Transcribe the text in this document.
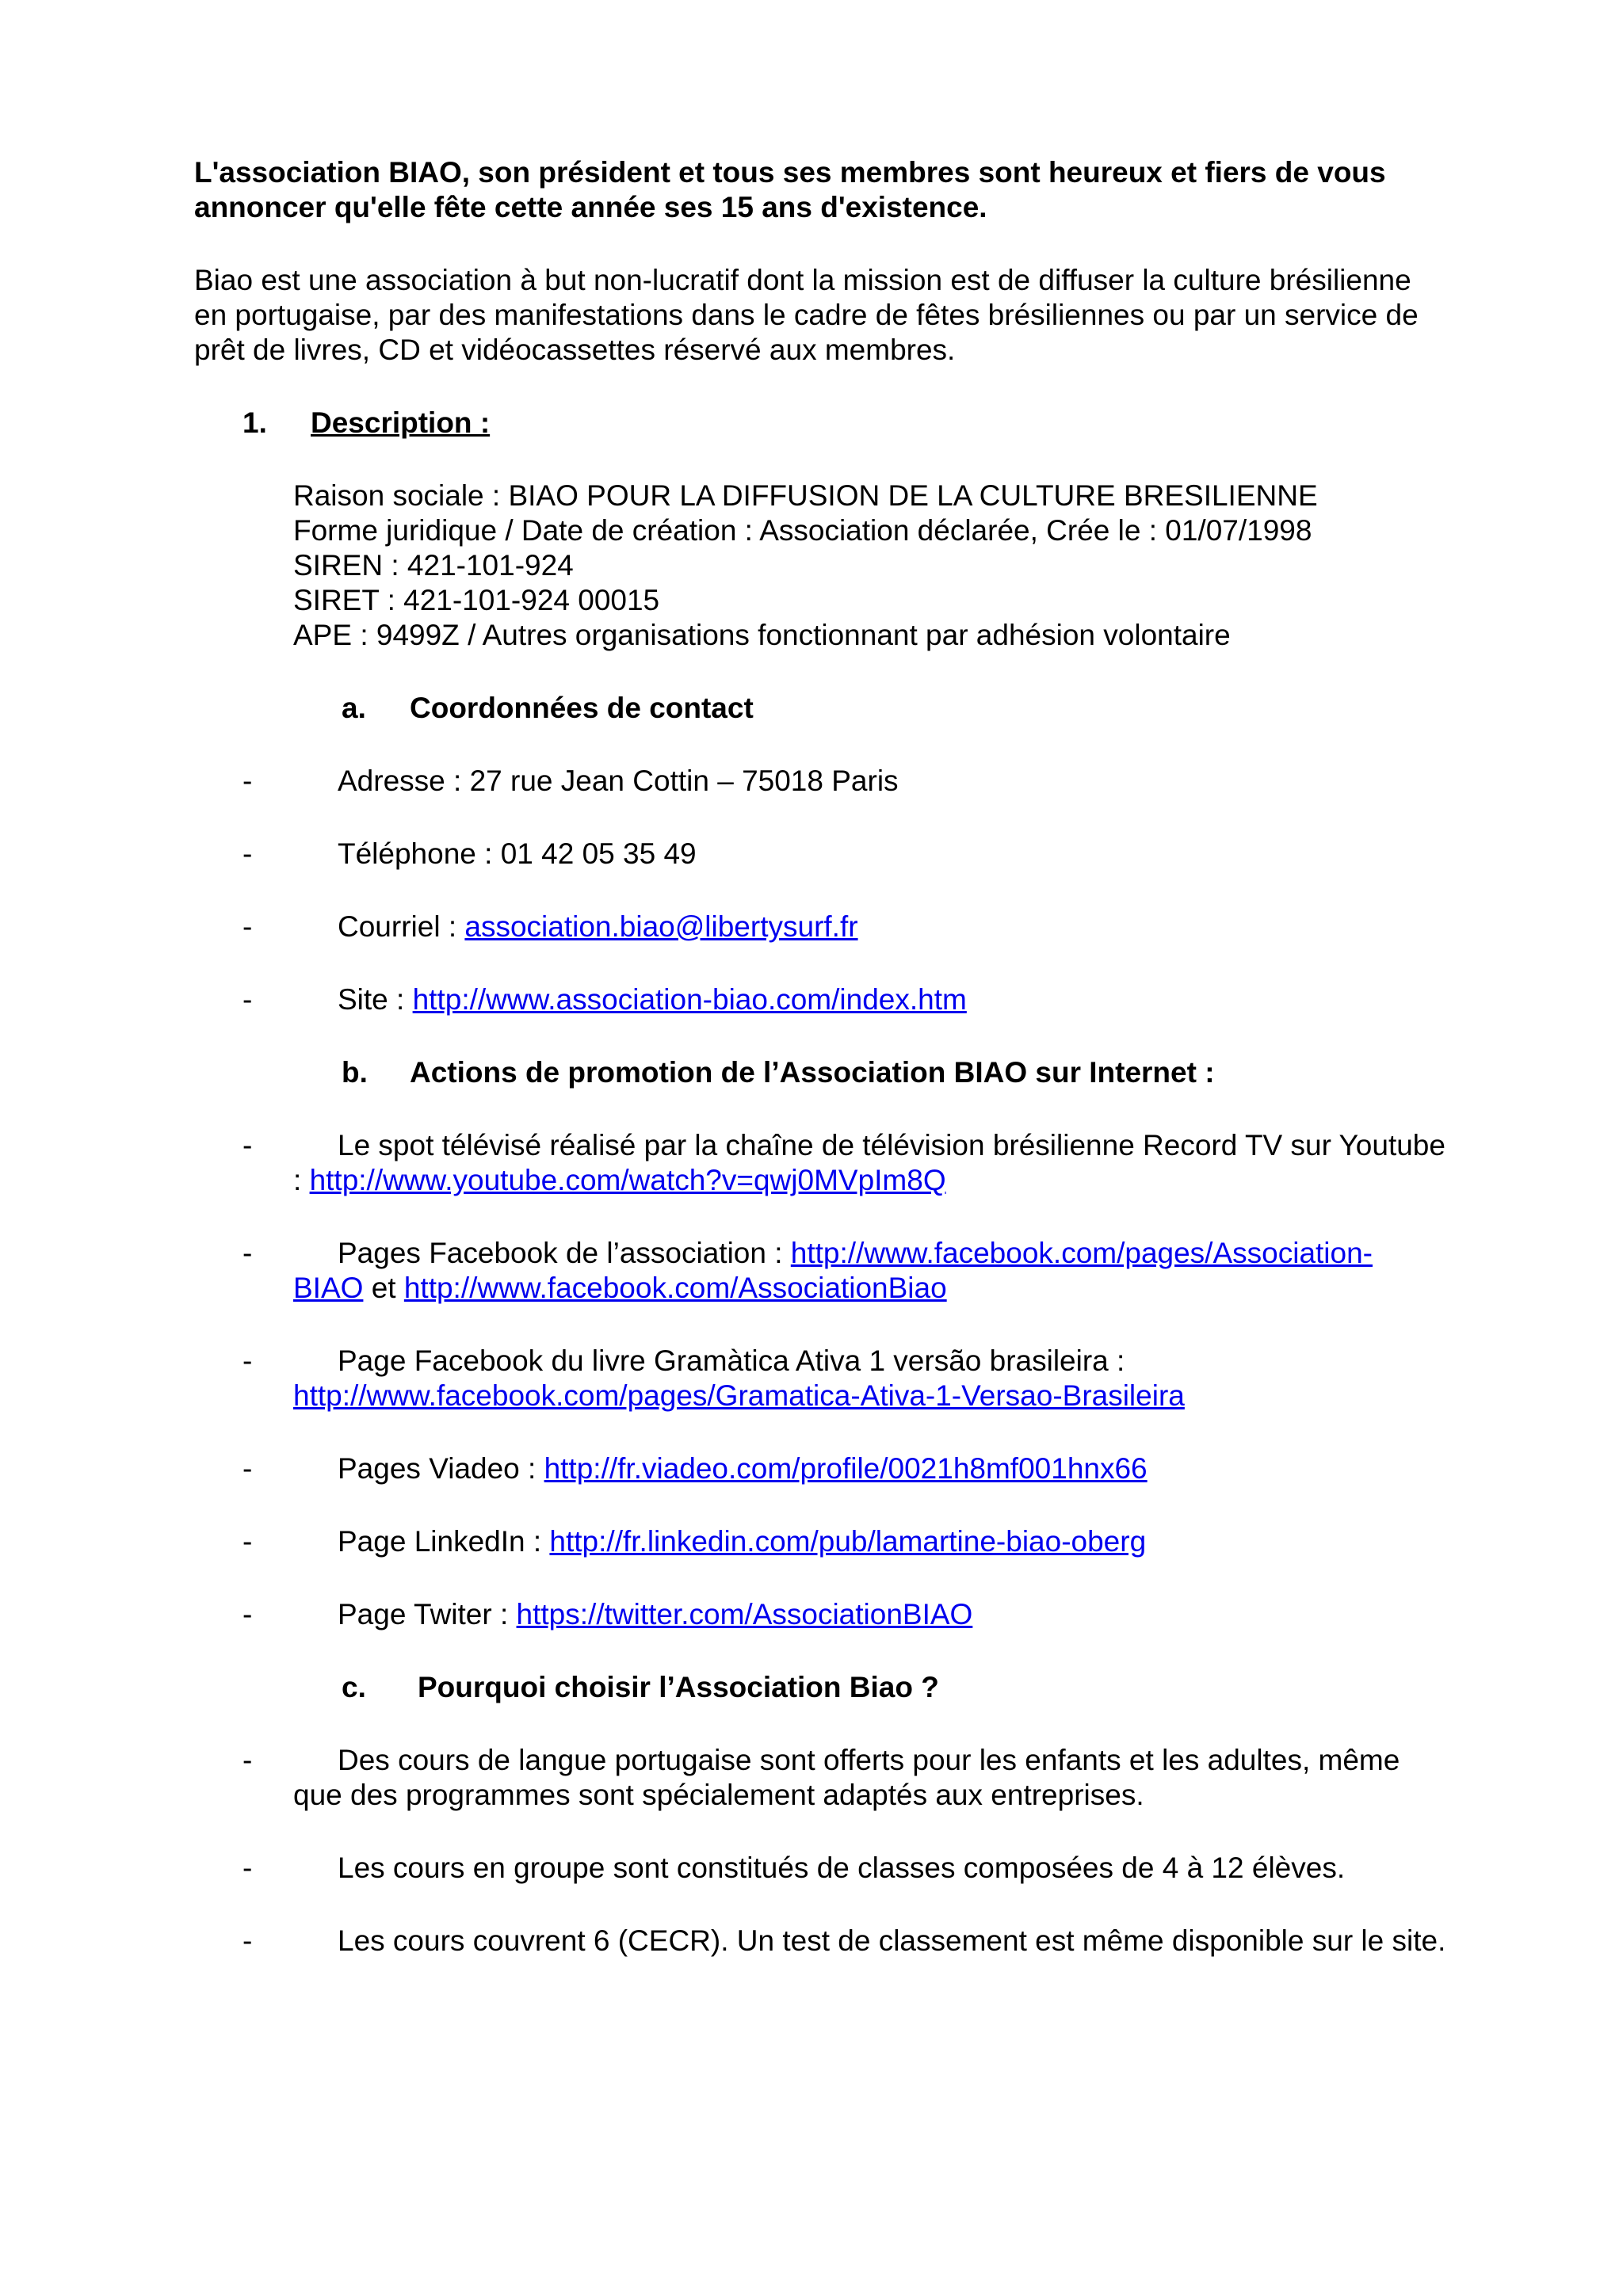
L'association BIAO, son président et tous ses membres sont heureux et fiers de vous annoncer qu'elle fête cette année ses 15 ans d'existence.

Biao est une association à but non-lucratif dont la mission est de diffuser la culture brésilienne en portugaise, par des manifestations dans le cadre de fêtes brésiliennes ou par un service de prêt de livres, CD et vidéocassettes réservé aux membres.

1. Description :

Raison sociale : BIAO POUR LA DIFFUSION DE LA CULTURE BRESILIENNE

Forme juridique / Date de création : Association déclarée, Crée le : 01/07/1998

SIREN : 421-101-924

SIRET : 421-101-924 00015

APE : 9499Z / Autres organisations fonctionnant par adhésion volontaire

a. Coordonnées de contact
-	Adresse : 27 rue Jean Cottin – 75018 Paris

-	Téléphone : 01 42 05 35 49

-	Courriel : association.biao@libertysurf.fr

-	Site : http://www.association-biao.com/index.htm

b. Actions de promotion de l’Association BIAO sur Internet :
-	Le spot télévisé réalisé par la chaîne de télévision brésilienne Record TV sur Youtube : http://www.youtube.com/watch?v=qwj0MVpIm8Q

-	Pages Facebook de l’association : http://www.facebook.com/pages/Association-BIAO et http://www.facebook.com/AssociationBiao

-	Page Facebook du livre Gramàtica Ativa 1 versão brasileira : http://www.facebook.com/pages/Gramatica-Ativa-1-Versao-Brasileira

-	Pages Viadeo : http://fr.viadeo.com/profile/0021h8mf001hnx66

-	Page LinkedIn : http://fr.linkedin.com/pub/lamartine-biao-oberg

-	Page Twiter : https://twitter.com/AssociationBIAO

c. Pourquoi choisir l’Association Biao ?
-	Des cours de langue portugaise sont offerts pour les enfants et les adultes, même que des programmes sont spécialement adaptés aux entreprises.

-	Les cours en groupe sont constitués de classes composées de 4 à 12 élèves.

-	Les cours couvrent 6 (CECR). Un test de classement est même disponible sur le site.
